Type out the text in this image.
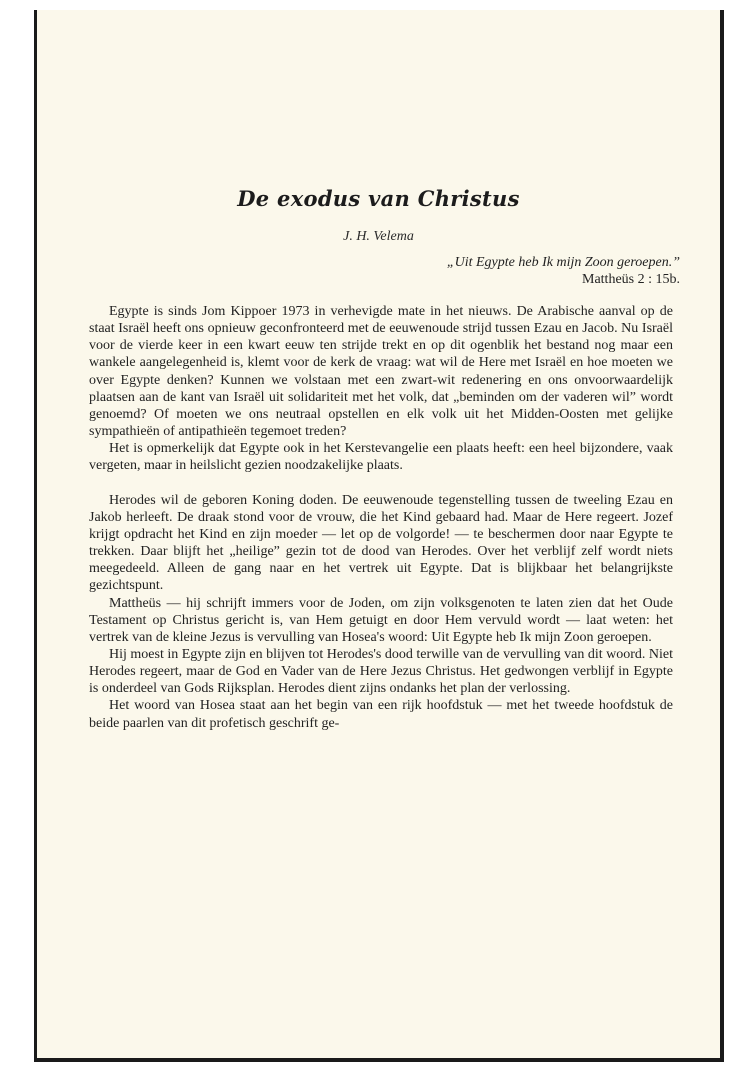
De exodus van Christus
J. H. Velema
„Uit Egypte heb Ik mijn Zoon geroepen.”
Mattheüs 2 : 15b.

Egypte is sinds Jom Kippoer 1973 in verhevigde mate in het nieuws. De Arabische aanval op de staat Israël heeft ons opnieuw geconfronteerd met de eeuwenoude strijd tussen Ezau en Jacob. Nu Israël voor de vierde keer in een kwart eeuw ten strijde trekt en op dit ogenblik het bestand nog maar een wankele aangelegenheid is, klemt voor de kerk de vraag: wat wil de Here met Israël en hoe moeten we over Egypte denken? Kunnen we volstaan met een zwart-wit redenering en ons onvoorwaardelijk plaatsen aan de kant van Israël uit solidariteit met het volk, dat „beminden om der vaderen wil” wordt genoemd? Of moeten we ons neutraal opstellen en elk volk uit het Midden-Oosten met gelijke sympathieën of antipathieën tegemoet treden?

Het is opmerkelijk dat Egypte ook in het Kerstevangelie een plaats heeft: een heel bijzondere, vaak vergeten, maar in heilslicht gezien noodzakelijke plaats.

Herodes wil de geboren Koning doden. De eeuwenoude tegenstelling tussen de tweeling Ezau en Jakob herleeft. De draak stond voor de vrouw, die het Kind gebaard had. Maar de Here regeert. Jozef krijgt opdracht het Kind en zijn moeder — let op de volgorde! — te beschermen door naar Egypte te trekken. Daar blijft het „heilige” gezin tot de dood van Herodes. Over het verblijf zelf wordt niets meegedeeld. Alleen de gang naar en het vertrek uit Egypte. Dat is blijkbaar het belangrijkste gezichtspunt.

Mattheüs — hij schrijft immers voor de Joden, om zijn volksgenoten te laten zien dat het Oude Testament op Christus gericht is, van Hem getuigt en door Hem vervuld wordt — laat weten: het vertrek van de kleine Jezus is vervulling van Hosea's woord: Uit Egypte heb Ik mijn Zoon geroepen.

Hij moest in Egypte zijn en blijven tot Herodes's dood terwille van de vervulling van dit woord. Niet Herodes regeert, maar de God en Vader van de Here Jezus Christus. Het gedwongen verblijf in Egypte is onderdeel van Gods Rijksplan. Herodes dient zijns ondanks het plan der verlossing.

Het woord van Hosea staat aan het begin van een rijk hoofdstuk — met het tweede hoofdstuk de beide paarlen van dit profetisch geschrift ge-
